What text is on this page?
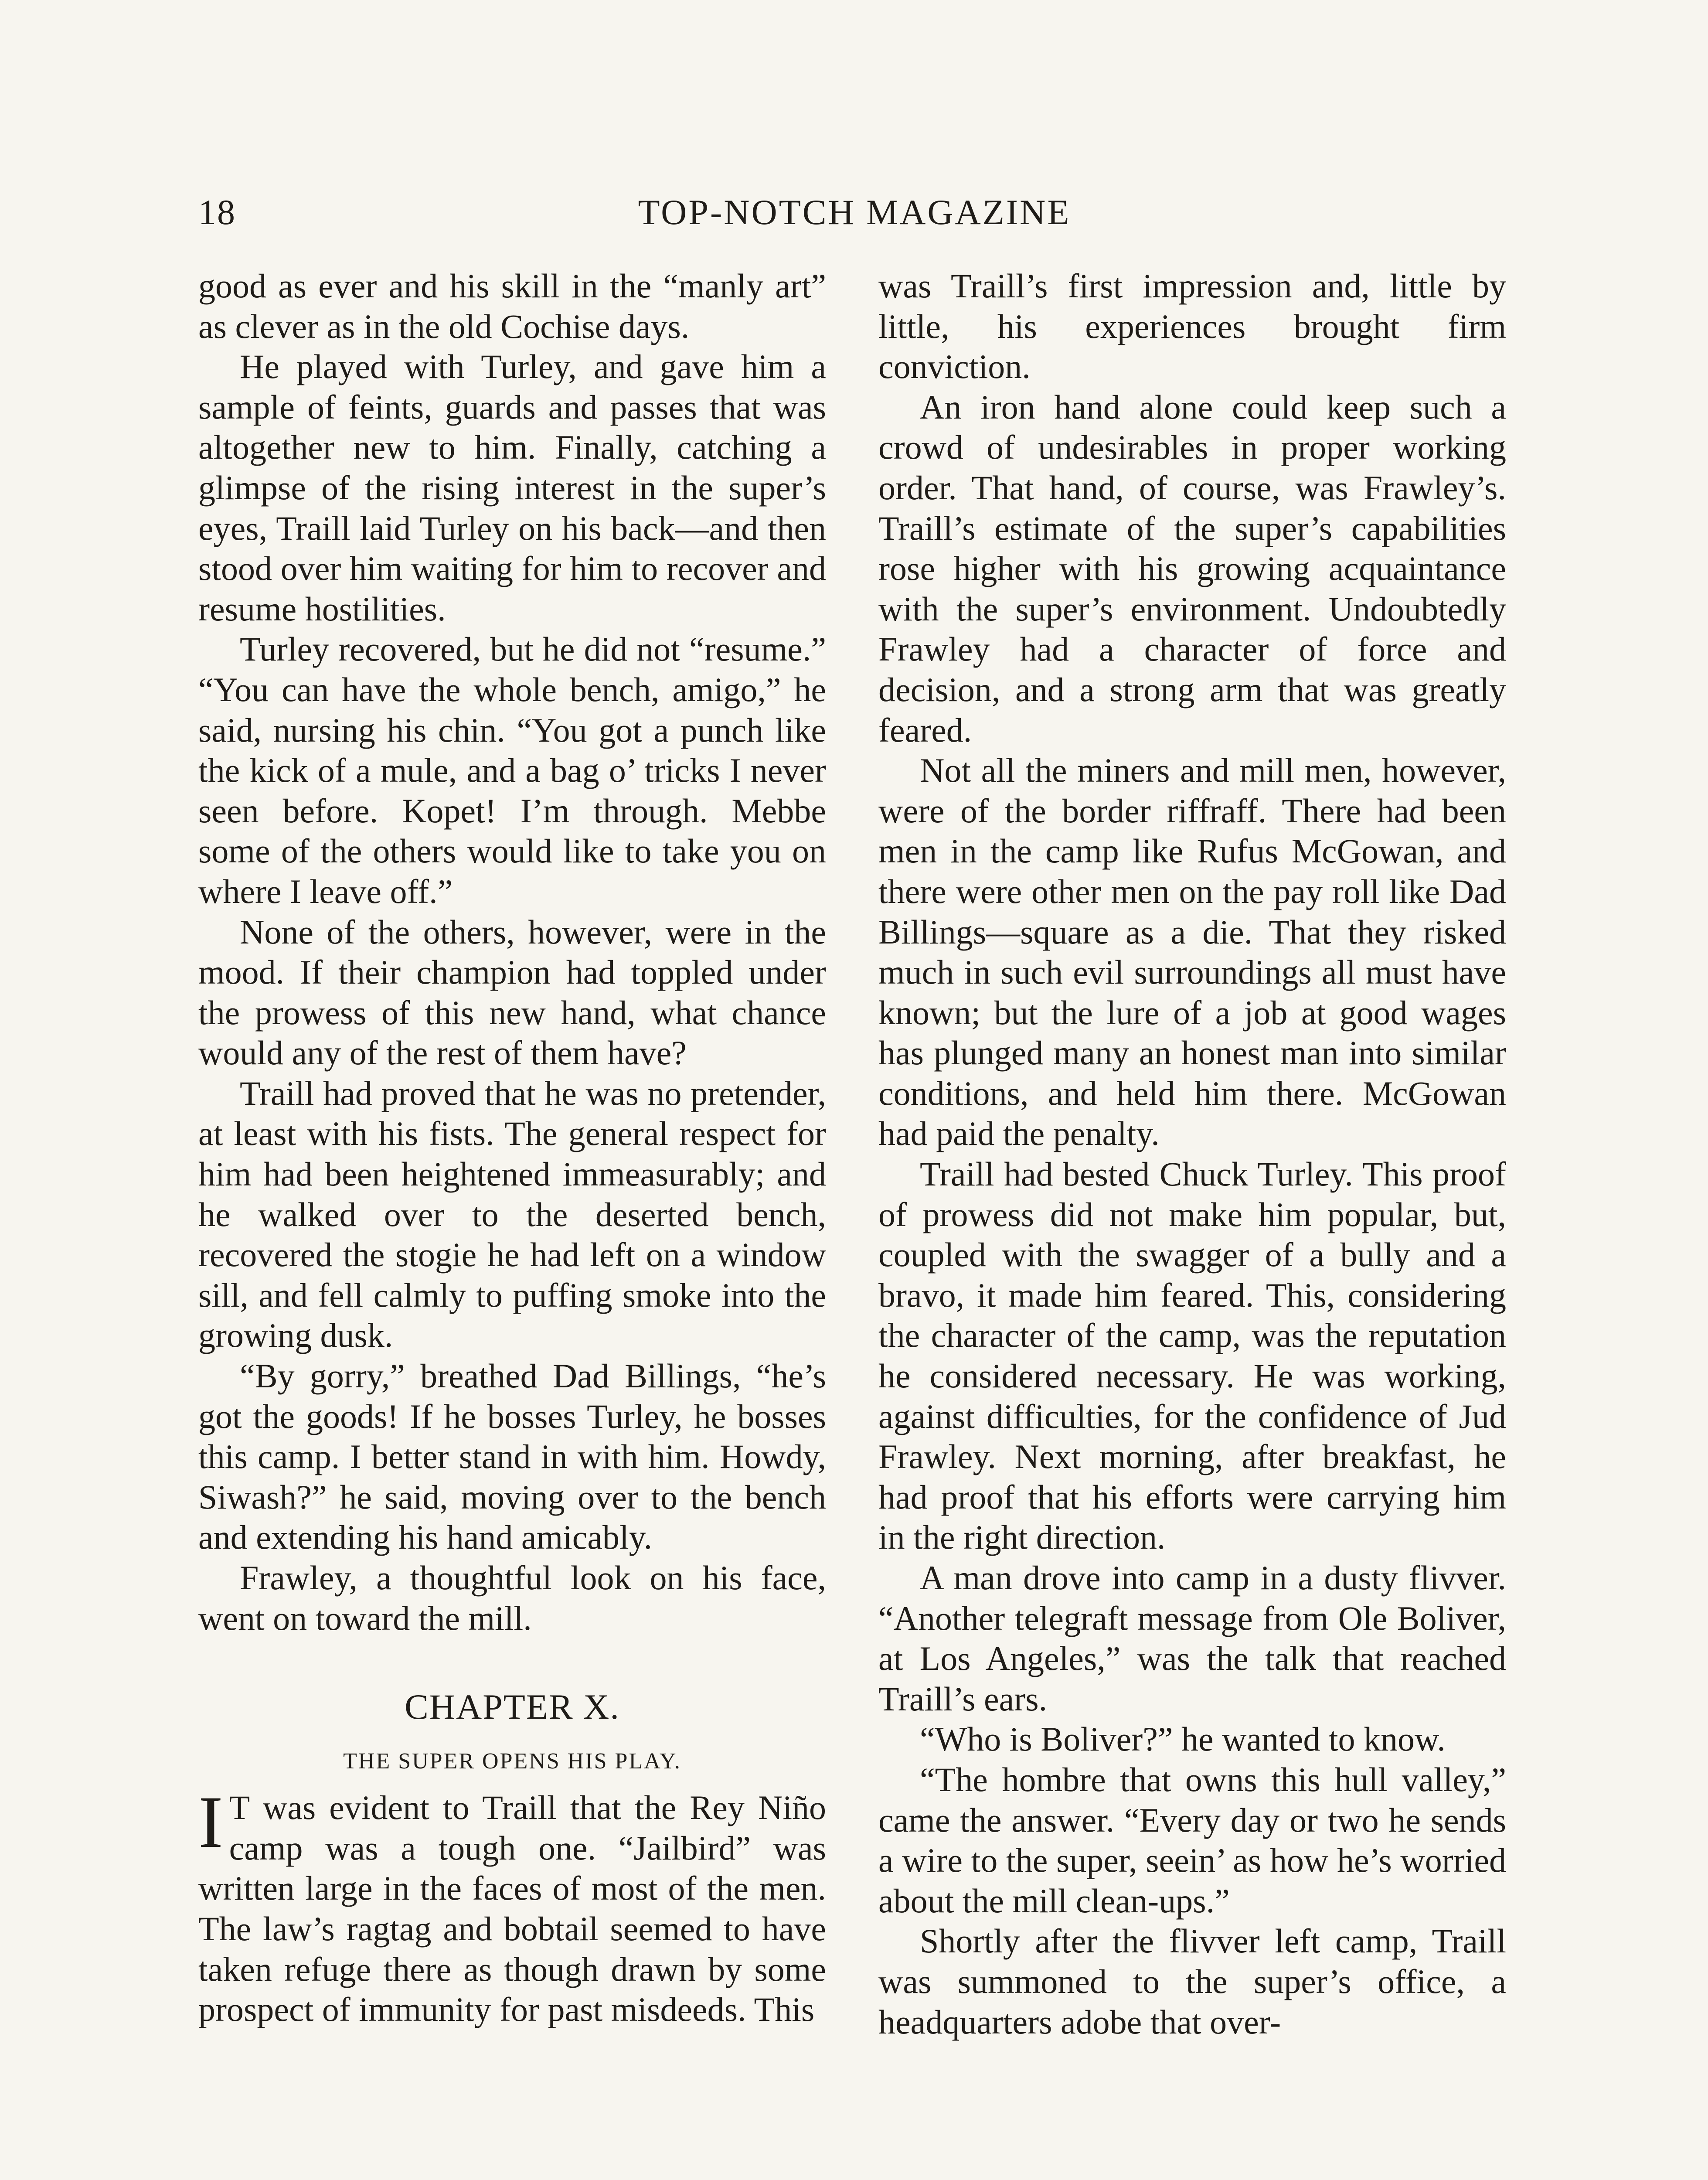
18	TOP-NOTCH MAGAZINE

good as ever and his skill in the “manly art” as clever as in the old Cochise days.

He played with Turley, and gave him a sample of feints, guards and passes that was altogether new to him. Finally, catching a glimpse of the rising interest in the super’s eyes, Traill laid Turley on his back—and then stood over him waiting for him to recover and resume hostilities.

Turley recovered, but he did not “resume.” “You can have the whole bench, amigo,” he said, nursing his chin. “You got a punch like the kick of a mule, and a bag o’ tricks I never seen before. Kopet! I’m through. Mebbe some of the others would like to take you on where I leave off.”

None of the others, however, were in the mood. If their champion had toppled under the prowess of this new hand, what chance would any of the rest of them have?

Traill had proved that he was no pretender, at least with his fists. The general respect for him had been heightened immeasurably; and he walked over to the deserted bench, recovered the stogie he had left on a window sill, and fell calmly to puffing smoke into the growing dusk.

“By gorry,” breathed Dad Billings, “he’s got the goods! If he bosses Turley, he bosses this camp. I better stand in with him. Howdy, Siwash?” he said, moving over to the bench and extending his hand amicably.

Frawley, a thoughtful look on his face, went on toward the mill.

CHAPTER X.
THE SUPER OPENS HIS PLAY.

I T was evident to Traill that the Rey Niño camp was a tough one. “Jailbird” was written large in the faces of most of the men. The law’s ragtag and bobtail seemed to have taken refuge there as though drawn by some prospect of immunity for past misdeeds. This

was Traill’s first impression and, little by little, his experiences brought firm conviction.

An iron hand alone could keep such a crowd of undesirables in proper working order. That hand, of course, was Frawley’s. Traill’s estimate of the super’s capabilities rose higher with his growing acquaintance with the super’s environment. Undoubtedly Frawley had a character of force and decision, and a strong arm that was greatly feared.

Not all the miners and mill men, however, were of the border riffraff. There had been men in the camp like Rufus McGowan, and there were other men on the pay roll like Dad Billings—square as a die. That they risked much in such evil surroundings all must have known; but the lure of a job at good wages has plunged many an honest man into similar conditions, and held him there. McGowan had paid the penalty.

Traill had bested Chuck Turley. This proof of prowess did not make him popular, but, coupled with the swagger of a bully and a bravo, it made him feared. This, considering the character of the camp, was the reputation he considered necessary. He was working, against difficulties, for the confidence of Jud Frawley. Next morning, after breakfast, he had proof that his efforts were carrying him in the right direction.

A man drove into camp in a dusty flivver. “Another telegraft message from Ole Boliver, at Los Angeles,” was the talk that reached Traill’s ears.

“Who is Boliver?” he wanted to know.

“The hombre that owns this hull valley,” came the answer. “Every day or two he sends a wire to the super, seein’ as how he’s worried about the mill clean-ups.”

Shortly after the flivver left camp, Traill was summoned to the super’s office, a headquarters adobe that over-
